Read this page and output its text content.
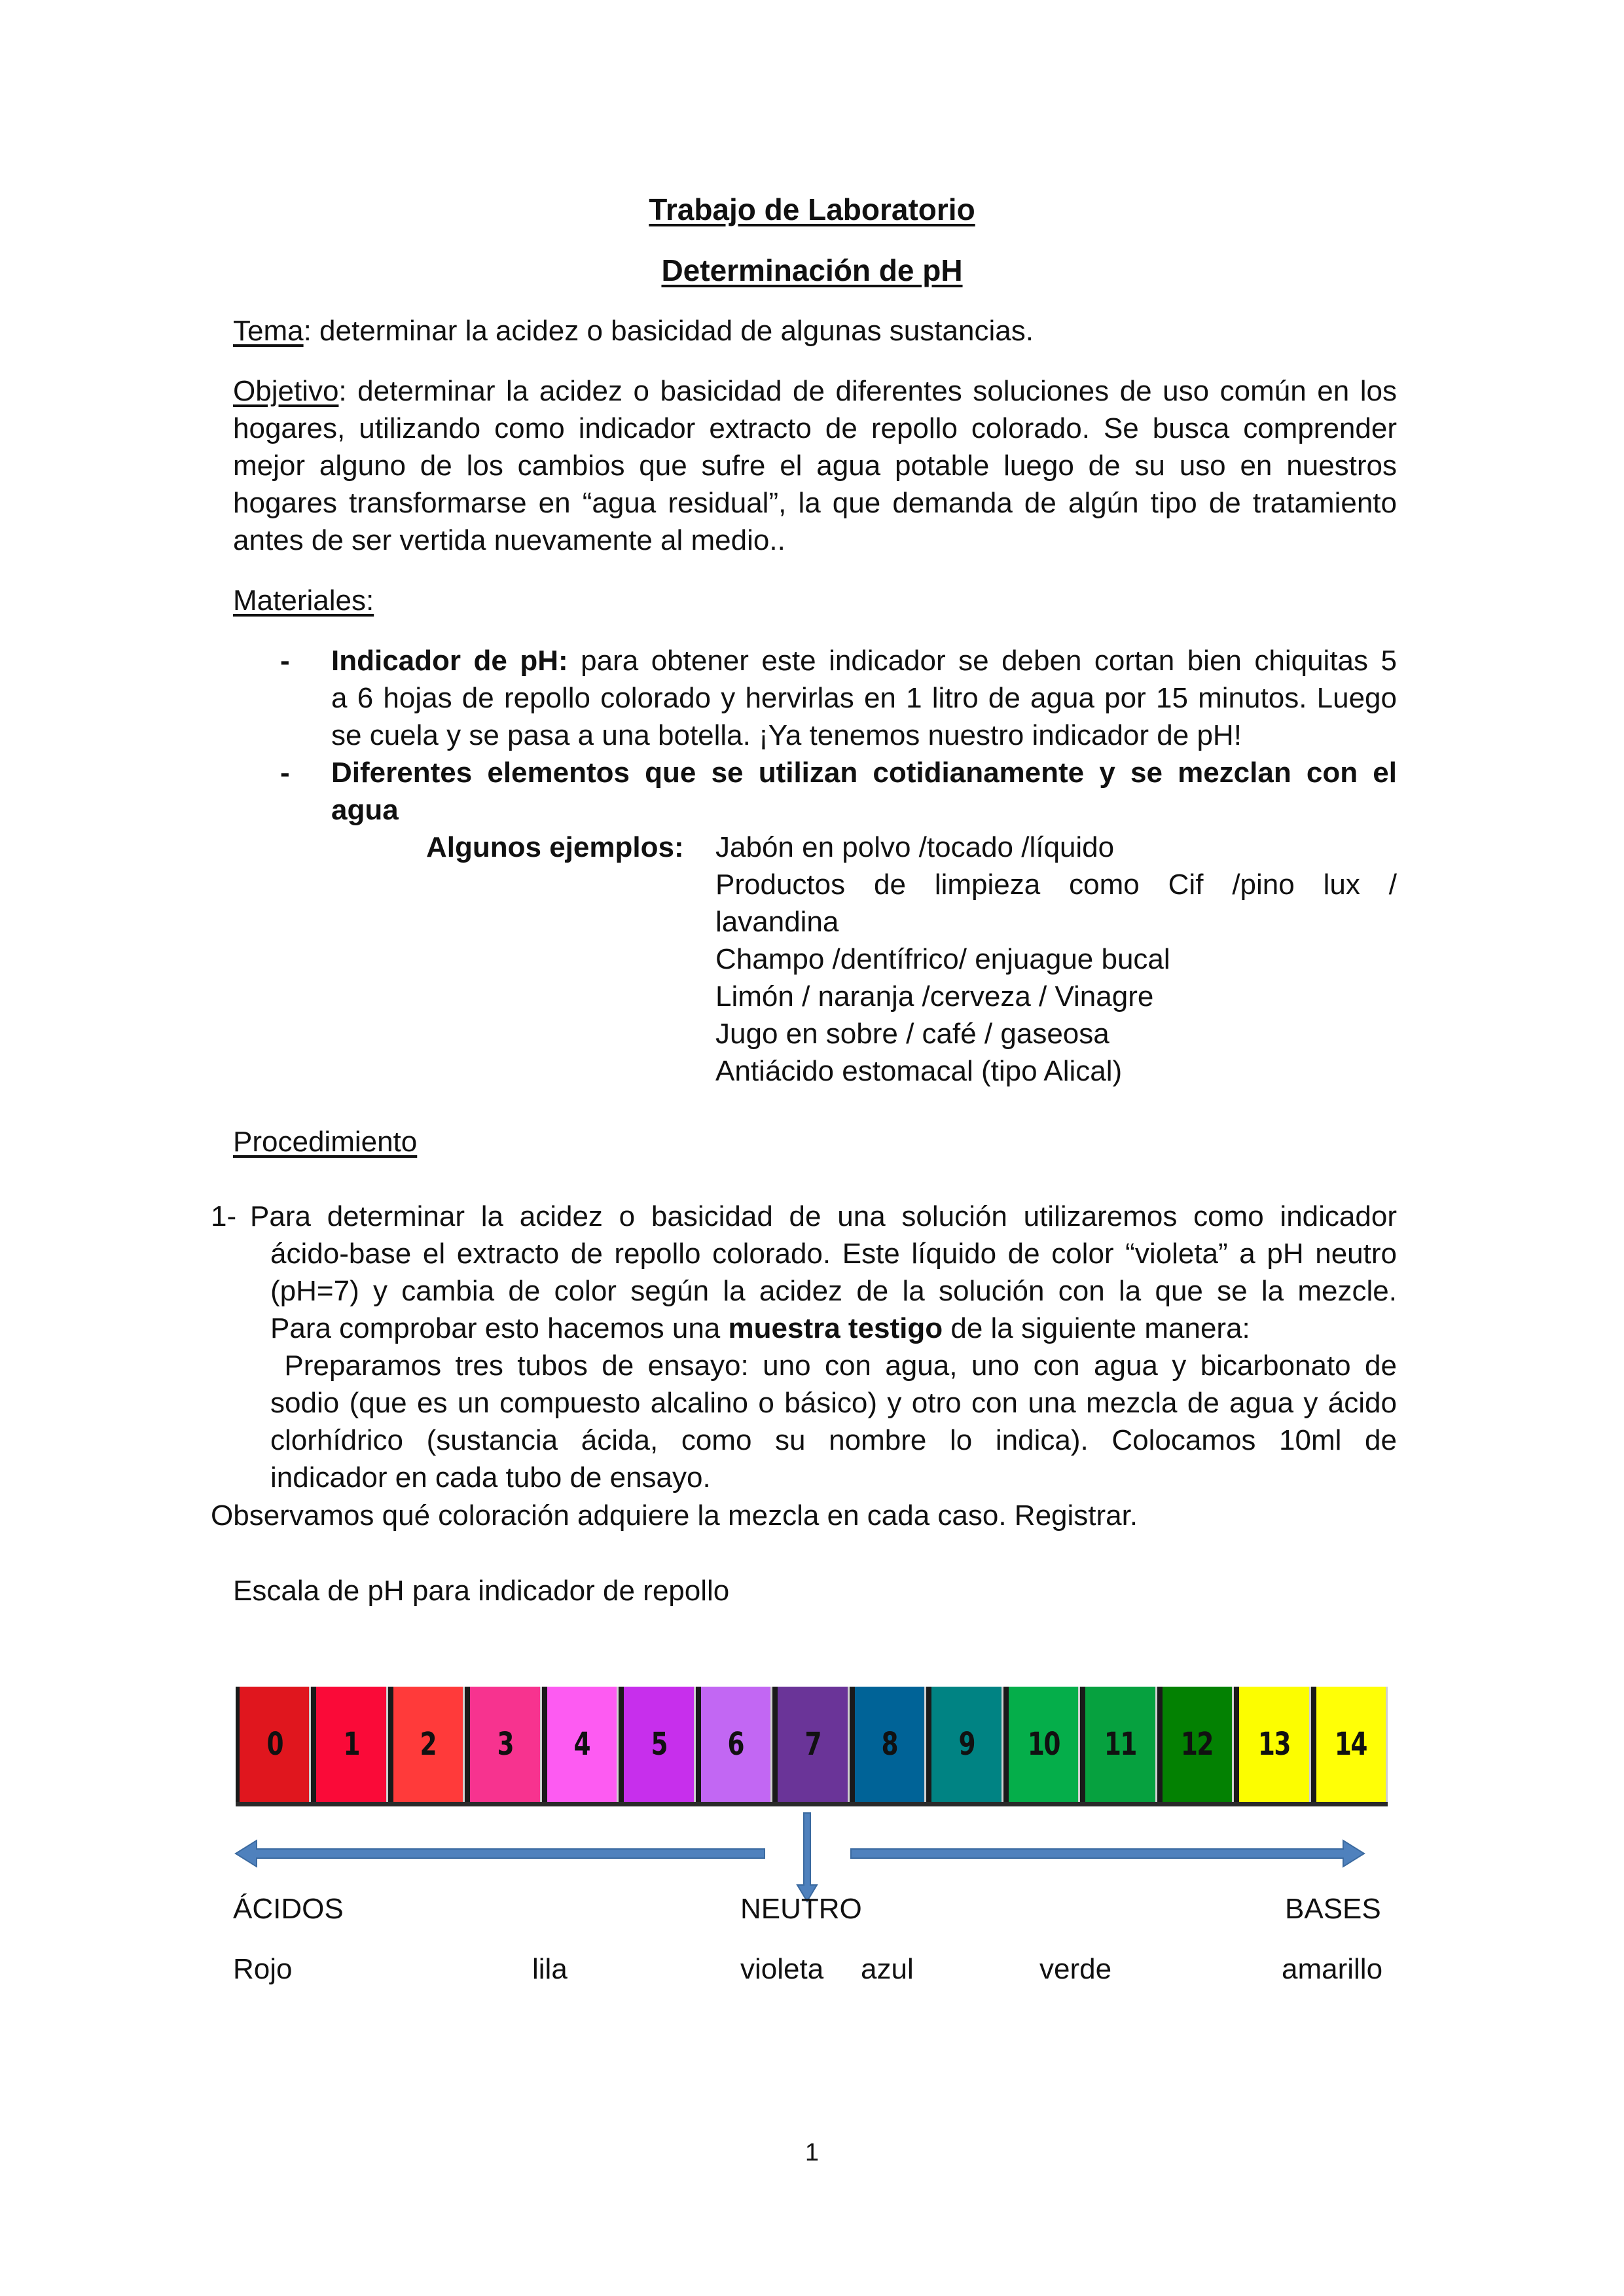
Trabajo de Laboratorio
Determinación de pH
Tema: determinar la acidez o basicidad de algunas sustancias.
Objetivo: determinar la acidez o basicidad de diferentes soluciones de uso común en los
hogares, utilizando como indicador extracto de repollo colorado. Se busca comprender
mejor alguno de los cambios que sufre el agua potable luego de su uso en nuestros
hogares transformarse en “agua residual”, la que demanda de algún tipo de tratamiento
antes de ser vertida nuevamente al medio..
Materiales:
- Indicador de pH: para obtener este indicador se deben cortan bien chiquitas 5
a 6 hojas de repollo colorado y hervirlas en 1 litro de agua por 15 minutos. Luego
se cuela y se pasa a una botella. ¡Ya tenemos nuestro indicador de pH!
- Diferentes elementos que se utilizan cotidianamente y se mezclan con el
agua
Algunos ejemplos: Jabón en polvo /tocado /líquido
Productos de limpieza como Cif /pino lux /
lavandina
Champo /dentífrico/ enjuague bucal
Limón / naranja /cerveza / Vinagre
Jugo en sobre / café / gaseosa
Antiácido estomacal (tipo Alical)
Procedimiento
1- Para determinar la acidez o basicidad de una solución utilizaremos como indicador
ácido-base el extracto de repollo colorado. Este líquido de color “violeta” a pH neutro
(pH=7) y cambia de color según la acidez de la solución con la que se la mezcle.
Para comprobar esto hacemos una muestra testigo de la siguiente manera:
Preparamos tres tubos de ensayo: uno con agua, uno con agua y bicarbonato de
sodio (que es un compuesto alcalino o básico) y otro con una mezcla de agua y ácido
clorhídrico (sustancia ácida, como su nombre lo indica). Colocamos 10ml de
indicador en cada tubo de ensayo.
Observamos qué coloración adquiere la mezcla en cada caso. Registrar.
Escala de pH para indicador de repollo
0 1 2 3 4 5 6 7 8 9 10 11 12 13 14
ÁCIDOS	NEUTRO	BASES
Rojo	lila	violeta azul	verde	amarillo
1
